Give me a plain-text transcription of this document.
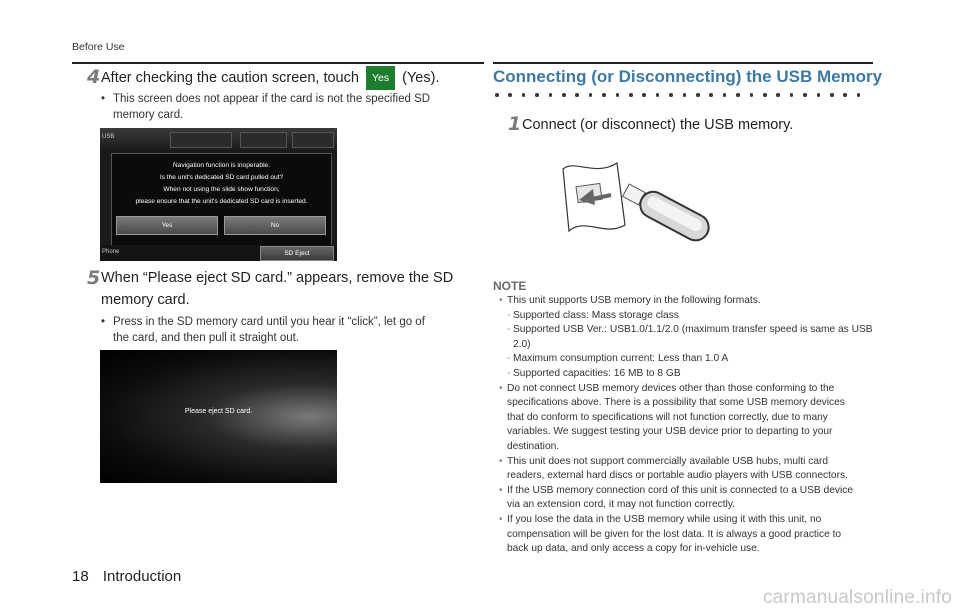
Before Use
4 After checking the caution screen, touch Yes (Yes).
• This screen does not appear if the card is not the specified SD
memory card.
USB
Navigation function is inoperable.
Is the unit's dedicated SD card pulled out?
When not using the slide show function,
please ensure that the unit's dedicated SD card is inserted.
Yes	No
Phone	SD Eject
5 When “Please eject SD card.” appears, remove the SD
memory card.
• Press in the SD memory card until you hear it “click”, let go of
the card, and then pull it straight out.
Please eject SD card.
Connecting (or Disconnecting) the USB Memory
1 Connect (or disconnect) the USB memory.
NOTE
• This unit supports USB memory in the following formats.
- Supported class: Mass storage class
- Supported USB Ver.: USB1.0/1.1/2.0 (maximum transfer speed is same as USB
2.0)
- Maximum consumption current: Less than 1.0 A
- Supported capacities: 16 MB to 8 GB
• Do not connect USB memory devices other than those conforming to the
specifications above. There is a possibility that some USB memory devices
that do conform to specifications will not function correctly, due to many
variables. We suggest testing your USB device prior to departing to your
destination.
• This unit does not support commercially available USB hubs, multi card
readers, external hard discs or portable audio players with USB connectors.
• If the USB memory connection cord of this unit is connected to a USB device
via an extension cord, it may not function correctly.
• If you lose the data in the USB memory while using it with this unit, no
compensation will be given for the lost data. It is always a good practice to
back up data, and only access a copy for in-vehicle use.
18 Introduction
carmanualsonline.info
